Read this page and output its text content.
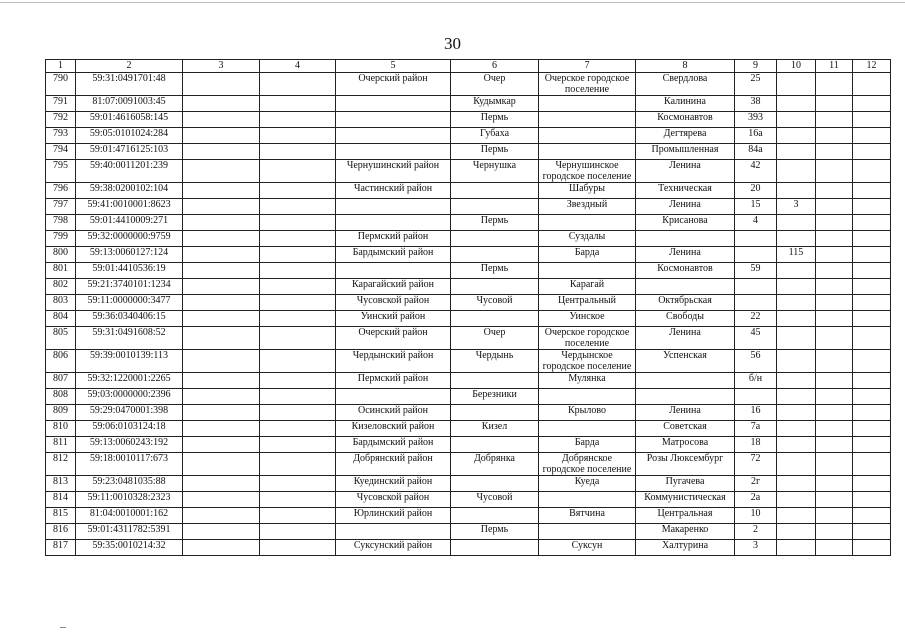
30
1	2	3	4	5	6	7	8	9	10	11	12
790	59:31:0491701:48			Очерский район	Очер	Очерское городское поселение	Свердлова	25			
791	81:07:0091003:45				Кудымкар		Калинина	38			
792	59:01:4616058:145				Пермь		Космонавтов	393			
793	59:05:0101024:284				Губаха		Дегтярева	16а			
794	59:01:4716125:103				Пермь		Промышленная	84а			
795	59:40:0011201:239			Чернушинский район	Чернушка	Чернушинское городское поселение	Ленина	42			
796	59:38:0200102:104			Частинский район		Шабуры	Техническая	20			
797	59:41:0010001:8623					Звездный	Ленина	15	3		
798	59:01:4410009:271				Пермь		Крисанова	4			
799	59:32:0000000:9759			Пермский район		Суздалы					
800	59:13:0060127:124			Бардымский район		Барда	Ленина		115		
801	59:01:4410536:19				Пермь		Космонавтов	59			
802	59:21:3740101:1234			Карагайский район		Карагай					
803	59:11:0000000:3477			Чусовской район	Чусовой	Центральный	Октябрьская				
804	59:36:0340406:15			Уинский район		Уинское	Свободы	22			
805	59:31:0491608:52			Очерский район	Очер	Очерское городское поселение	Ленина	45			
806	59:39:0010139:113			Чердынский район	Чердынь	Чердынское городское поселение	Успенская	56			
807	59:32:1220001:2265			Пермский район		Мулянка		б/н			
808	59:03:0000000:2396				Березники						
809	59:29:0470001:398			Осинский район		Крылово	Ленина	16			
810	59:06:0103124:18			Кизеловский район	Кизел		Советская	7а			
811	59:13:0060243:192			Бардымский район		Барда	Матросова	18			
812	59:18:0010117:673			Добрянский район	Добрянка	Добрянское городское поселение	Розы Люксембург	72			
813	59:23:0481035:88			Куединский район		Куеда	Пугачева	2г			
814	59:11:0010328:2323			Чусовской район	Чусовой		Коммунистическая	2а			
815	81:04:0010001:162			Юрлинский район		Вятчина	Центральная	10			
816	59:01:4311782:5391				Пермь		Макаренко	2			
817	59:35:0010214:32			Суксунский район		Суксун	Халтурина	3			
